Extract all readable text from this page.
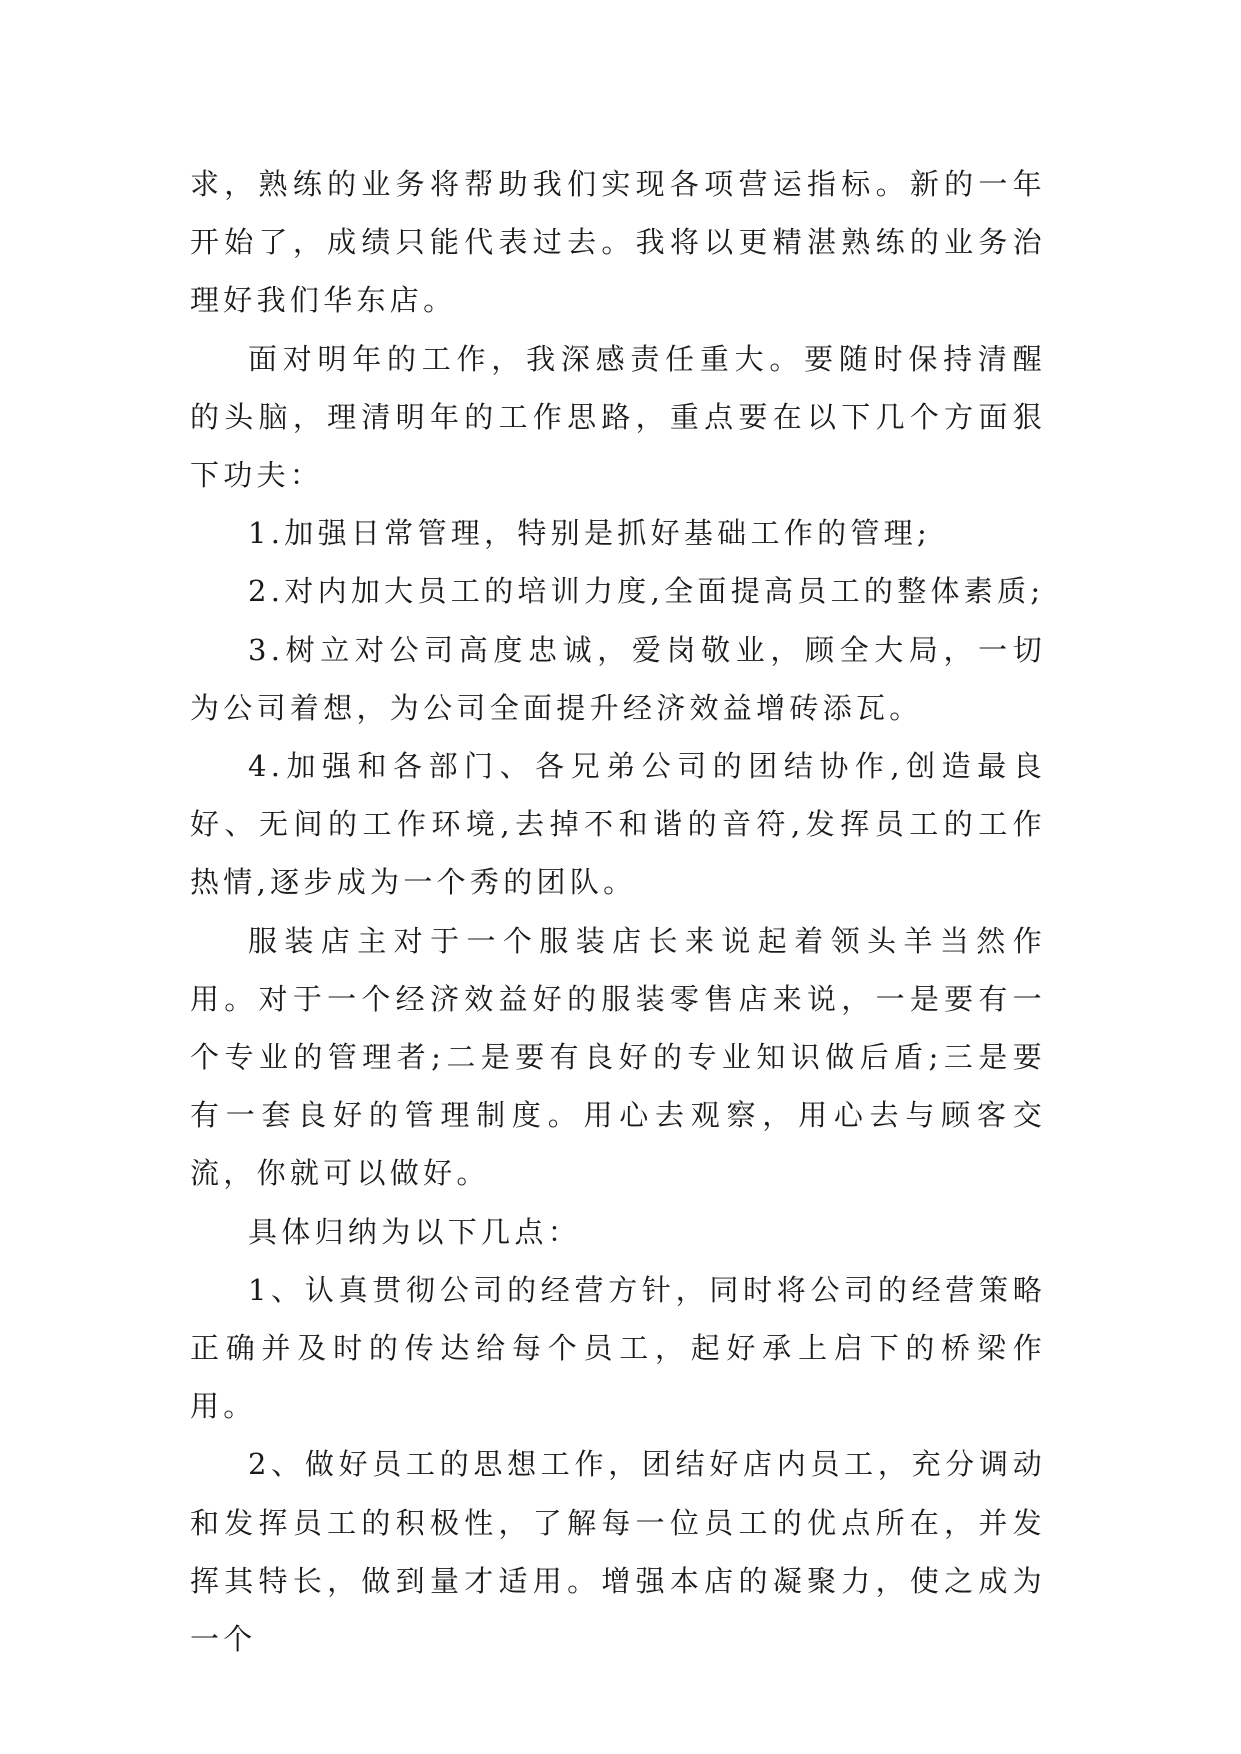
求，熟练的业务将帮助我们实现各项营运指标。新的一年开始了，成绩只能代表过去。我将以更精湛熟练的业务治理好我们华东店。

面对明年的工作，我深感责任重大。要随时保持清醒的头脑，理清明年的工作思路，重点要在以下几个方面狠下功夫：

1.加强日常管理，特别是抓好基础工作的管理;

2.对内加大员工的培训力度,全面提高员工的整体素质;

3.树立对公司高度忠诚，爱岗敬业，顾全大局，一切为公司着想，为公司全面提升经济效益增砖添瓦。

4.加强和各部门、各兄弟公司的团结协作,创造最良好、无间的工作环境,去掉不和谐的音符,发挥员工的工作热情,逐步成为一个秀的团队。

服装店主对于一个服装店长来说起着领头羊当然作用。对于一个经济效益好的服装零售店来说，一是要有一个专业的管理者;二是要有良好的专业知识做后盾;三是要有一套良好的管理制度。用心去观察，用心去与顾客交流，你就可以做好。

具体归纳为以下几点：

1、认真贯彻公司的经营方针，同时将公司的经营策略正确并及时的传达给每个员工，起好承上启下的桥梁作用。

2、做好员工的思想工作，团结好店内员工，充分调动和发挥员工的积极性，了解每一位员工的优点所在，并发挥其特长，做到量才适用。增强本店的凝聚力，使之成为一个
